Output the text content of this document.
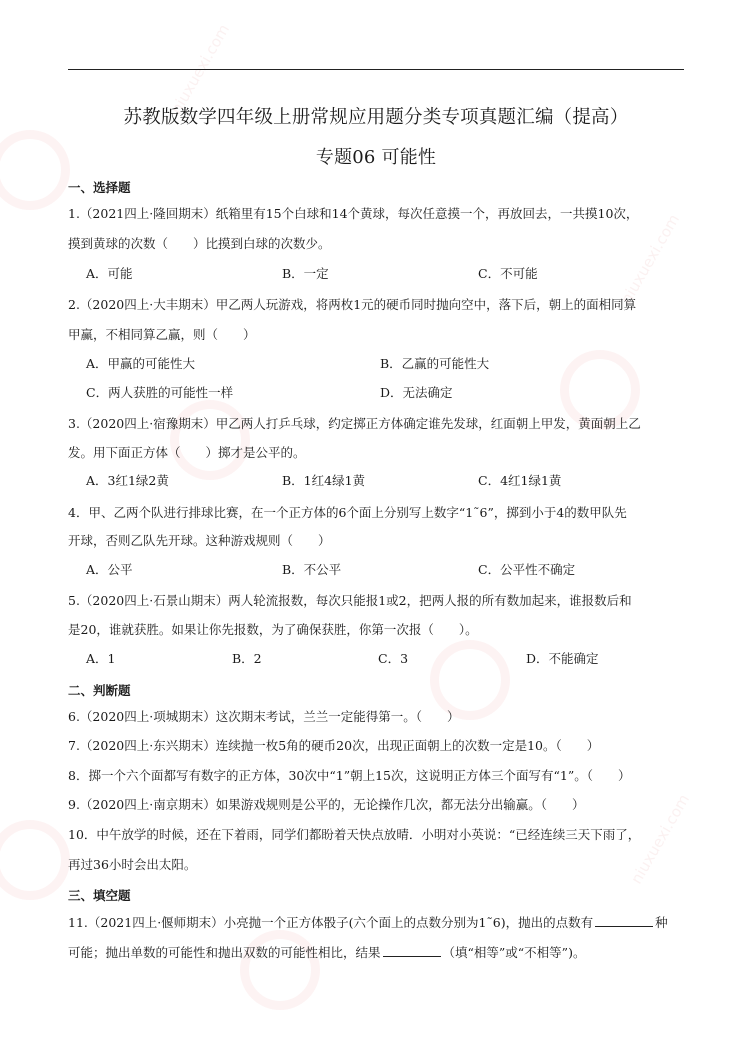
niuxuexi.com
niuxuexi.com
niuxuexi.com
苏教版数学四年级上册常规应用题分类专项真题汇编（提高）
专题06 可能性
一、选择题
1.（2021四上·隆回期末）纸箱里有15个白球和14个黄球，每次任意摸一个，再放回去，一共摸10次，
摸到黄球的次数（　　）比摸到白球的次数少。
A．可能	B．一定	C．不可能
2.（2020四上·大丰期末）甲乙两人玩游戏，将两枚1元的硬币同时抛向空中，落下后，朝上的面相同算
甲赢，不相同算乙赢，则（　　）
A．甲赢的可能性大	B．乙赢的可能性大
C．两人获胜的可能性一样	D．无法确定
3.（2020四上·宿豫期末）甲乙两人打乒乓球，约定掷正方体确定谁先发球，红面朝上甲发，黄面朝上乙
发。用下面正方体（　　）掷才是公平的。
A．3红1绿2黄	B．1红4绿1黄	C．4红1绿1黄
4．甲、乙两个队进行排球比赛，在一个正方体的6个面上分别写上数字“1˜6”，掷到小于4的数甲队先
开球，否则乙队先开球。这种游戏规则（　　）
A．公平	B．不公平	C．公平性不确定
5.（2020四上·石景山期末）两人轮流报数，每次只能报1或2，把两人报的所有数加起来，谁报数后和
是20，谁就获胜。如果让你先报数，为了确保获胜，你第一次报（　　）。
A．1	B．2	C．3	D．不能确定
二、判断题
6.（2020四上·项城期末）这次期末考试，兰兰一定能得第一。（　　）
7.（2020四上·东兴期末）连续抛一枚5角的硬币20次，出现正面朝上的次数一定是10。（　　）
8．掷一个六个面都写有数字的正方体，30次中“1”朝上15次，这说明正方体三个面写有“1”。（　　）
9.（2020四上·南京期末）如果游戏规则是公平的，无论操作几次，都无法分出输赢。（　　）
10．中午放学的时候，还在下着雨，同学们都盼着天快点放晴．小明对小英说：“已经连续三天下雨了，
再过36小时会出太阳。
三、填空题
11.（2021四上·偃师期末）小亮抛一个正方体骰子(六个面上的点数分别为1˜6)，抛出的点数有	种
可能；抛出单数的可能性和抛出双数的可能性相比，结果	（填“相等”或“不相等”)。
